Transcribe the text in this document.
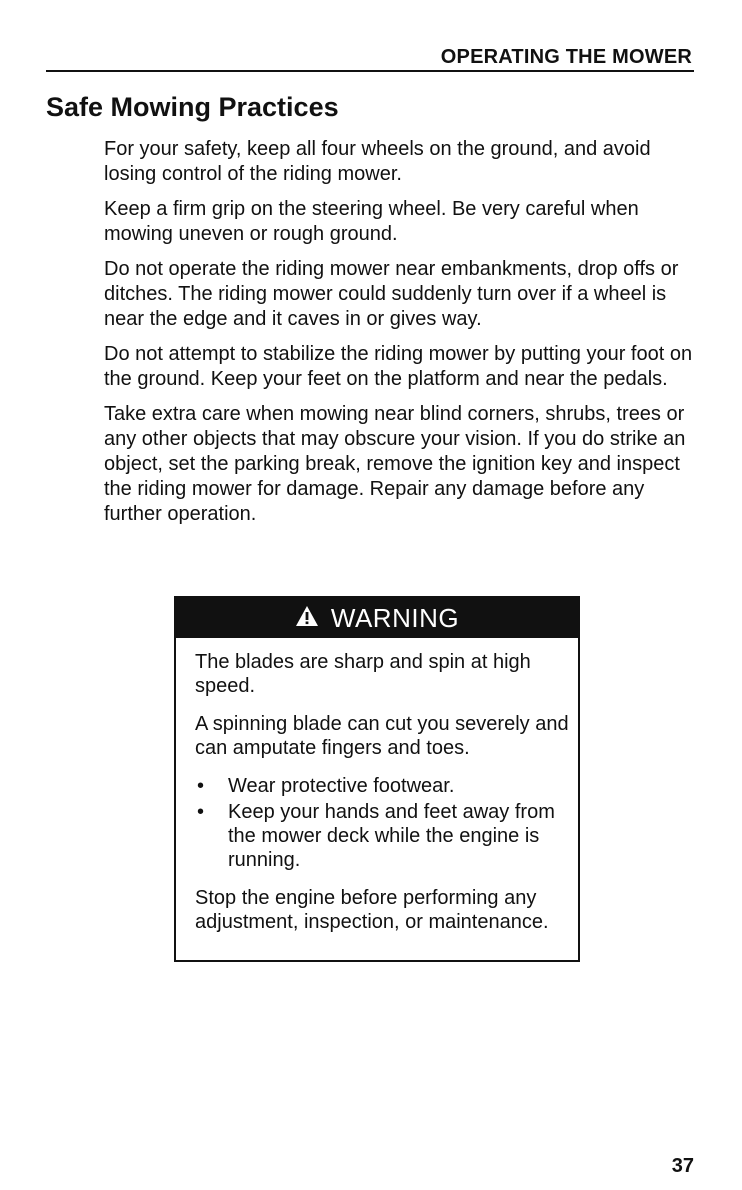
OPERATING THE MOWER
Safe Mowing Practices

For your safety, keep all four wheels on the ground, and avoid losing control of the riding mower.

Keep a firm grip on the steering wheel. Be very careful when mowing uneven or rough ground.

Do not operate the riding mower near embankments, drop offs or ditches. The riding mower could suddenly turn over if a wheel is near the edge and it caves in or gives way.

Do not attempt to stabilize the riding mower by putting your foot on the ground. Keep your feet on the platform and near the pedals.

Take extra care when mowing near blind corners, shrubs, trees or any other objects that may obscure your vision. If you do strike an object, set the parking break, remove the ignition key and inspect the riding mower for damage. Repair any damage before any further operation.

WARNING

The blades are sharp and spin at high speed.

A spinning blade can cut you severely and can amputate fingers and toes.

• Wear protective footwear.
• Keep your hands and feet away from the mower deck while the engine is running.

Stop the engine before performing any adjustment, inspection, or maintenance.

37
